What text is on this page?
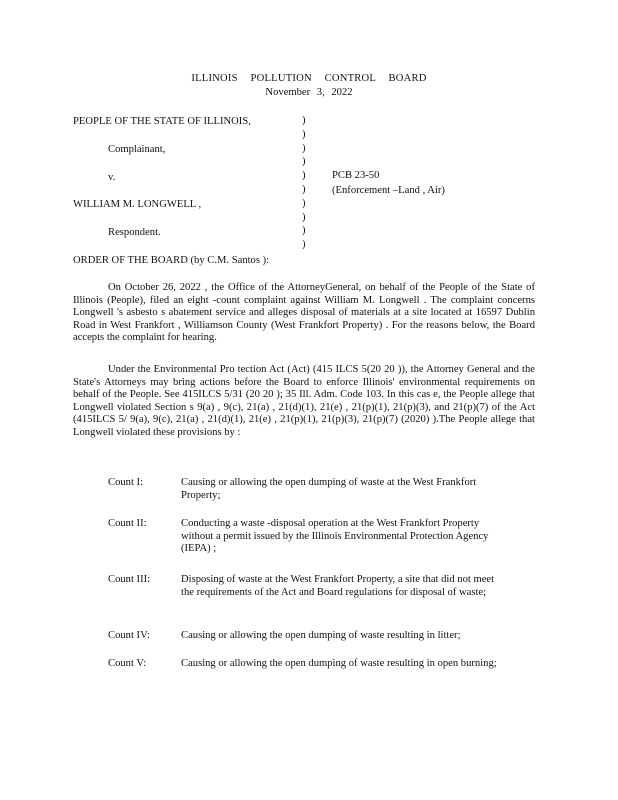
ILLINOIS POLLUTION CONTROL BOARD
November 3, 2022
PEOPLE OF THE STATE OF ILLINOIS,
Complainant,
v.
WILLIAM M. LONGWELL ,
Respondent.
)
)
)
)
)
)
)
)
)
)
PCB 23-50
(Enforcement –Land , Air)
ORDER OF THE BOARD (by C.M. Santos ):

On October 26, 2022 , the Office of the AttorneyGeneral, on behalf of the People of the State of Illinois (People), filed an eight -count complaint against William M. Longwell . The complaint concerns Longwell 's asbesto s abatement service and alleges disposal of materials at a site located at 16597 Dublin Road in West Frankfort , Williamson County (West Frankfort Property) . For the reasons below, the Board accepts the complaint for hearing.

Under the Environmental Pro tection Act (Act) (415 ILCS 5(20 20 )), the Attorney General and the State's Attorneys may bring actions before the Board to enforce Illinois' environmental requirements on behalf of the People. See 415ILCS 5/31 (20 20 ); 35 Ill. Adm. Code 103. In this cas e, the People allege that Longwell violated Section s 9(a) , 9(c), 21(a) , 21(d)(1), 21(e) , 21(p)(1), 21(p)(3), and 21(p)(7) of the Act (415ILCS 5/ 9(a), 9(c), 21(a) , 21(d)(1), 21(e) , 21(p)(1), 21(p)(3), 21(p)(7) (2020) ).The People allege that Longwell violated these provisions by :

Count I:	Causing or allowing the open dumping of waste at the West Frankfort Property;
Count II:	Conducting a waste -disposal operation at the West Frankfort Property without a permit issued by the Illinois Environmental Protection Agency (IEPA) ;
Count III:	Disposing of waste at the West Frankfort Property, a site that did not meet the requirements of the Act and Board regulations for disposal of waste;
Count IV:	Causing or allowing the open dumping of waste resulting in litter;
Count V:	Causing or allowing the open dumping of waste resulting in open burning;
